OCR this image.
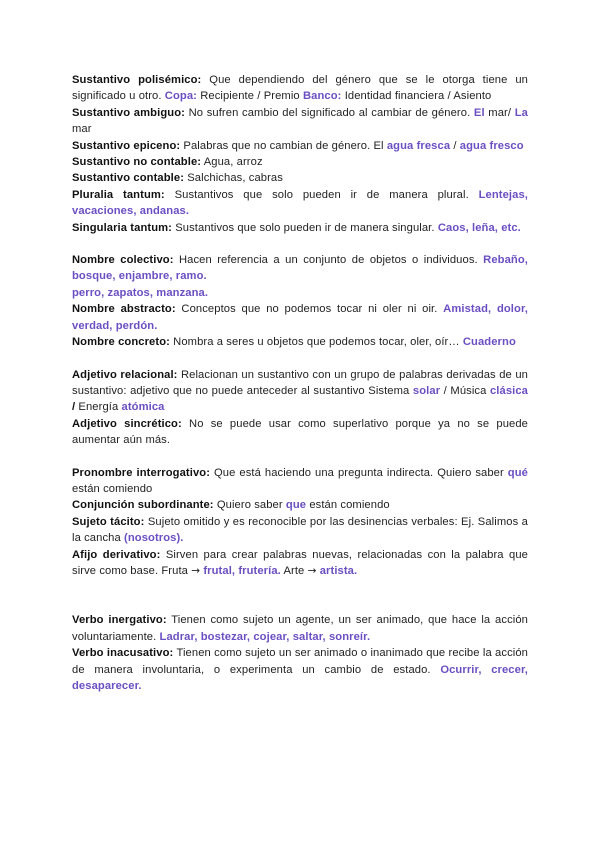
Sustantivo polisémico: Que dependiendo del género que se le otorga tiene un significado u otro. Copa: Recipiente / Premio Banco: Identidad financiera / Asiento

Sustantivo ambiguo: No sufren cambio del significado al cambiar de género. El mar/ La mar

Sustantivo epiceno: Palabras que no cambian de género. El agua fresca / agua fresco

Sustantivo no contable: Agua, arroz

Sustantivo contable: Salchichas, cabras

Pluralia tantum: Sustantivos que solo pueden ir de manera plural. Lentejas, vacaciones, andanas.

Singularia tantum: Sustantivos que solo pueden ir de manera singular. Caos, leña, etc.

Nombre colectivo: Hacen referencia a un conjunto de objetos o individuos. Rebaño, bosque, enjambre, ramo.
perro, zapatos, manzana.

Nombre abstracto: Conceptos que no podemos tocar ni oler ni oir. Amistad, dolor, verdad, perdón.

Nombre concreto: Nombra a seres u objetos que podemos tocar, oler, oír… Cuaderno

Adjetivo relacional: Relacionan un sustantivo con un grupo de palabras derivadas de un sustantivo: adjetivo que no puede anteceder al sustantivo Sistema solar / Música clásica / Energía atómica

Adjetivo sincrético: No se puede usar como superlativo porque ya no se puede aumentar aún más.

Pronombre interrogativo: Que está haciendo una pregunta indirecta. Quiero saber qué están comiendo

Conjunción subordinante: Quiero saber que están comiendo

Sujeto tácito: Sujeto omitido y es reconocible por las desinencias verbales: Ej. Salimos a la cancha (nosotros).

Afijo derivativo: Sirven para crear palabras nuevas, relacionadas con la palabra que sirve como base. Fruta → frutal, frutería. Arte → artista.

Verbo inergativo: Tienen como sujeto un agente, un ser animado, que hace la acción voluntariamente. Ladrar, bostezar, cojear, saltar, sonreír.

Verbo inacusativo: Tienen como sujeto un ser animado o inanimado que recibe la acción de manera involuntaria, o experimenta un cambio de estado. Ocurrir, crecer, desaparecer.
